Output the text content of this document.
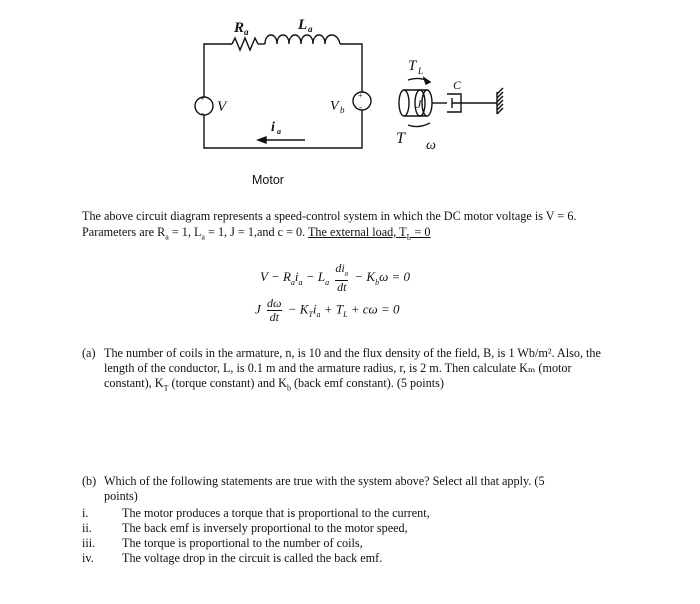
R a	L a
+
- V
+
-
V b
i a
T L
J
C
T ω
Motor
The above circuit diagram represents a speed-control system in which the DC motor voltage is V = 6.
Parameters are $R_a = 1$, $L_a = 1$, J = 1,and c = 0. The external load, $T_L = 0$
$V - R_ai_a - L_a$
$di_a$
dt
− $K_b\omega = 0$
J $\frac{d\omega}{dt} - K_Ti_a + T_L + c\omega = 0$
(a) The number of coils in the armature, n, is 10 and the flux density of the field, B, is 1 Wb/m². Also, the
length of the conductor, L, is 0.1 m and the armature radius, r, is 2 m. Then calculate Kₘ (motor
constant), $K_T$ (torque constant) and $K_b$ (back emf constant). (5 points)
(b) Which of the following statements are true with the system above? Select all that apply. (5
points)
i.	The motor produces a torque that is proportional to the current,
ii. The back emf is inversely proportional to the motor speed,
iii. The torque is proportional to the number of coils,
iv. The voltage drop in the circuit is called the back emf.
